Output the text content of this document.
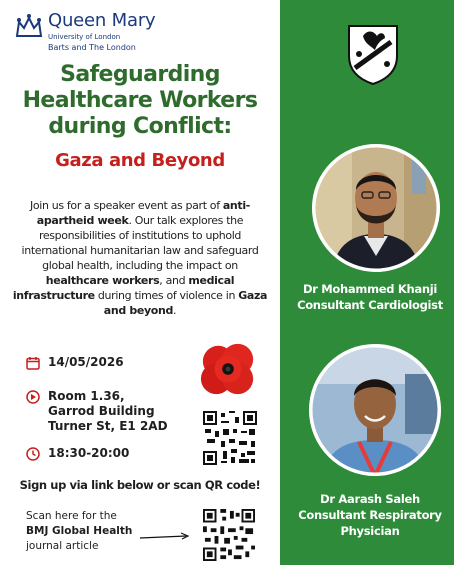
Queen Mary
University of London
Barts and The London
Safeguarding
Healthcare Workers
during Conflict:
Gaza and Beyond
Join us for a speaker event as part of anti-apartheid week. Our talk explores the responsibilities of institutions to uphold international humanitarian law and safeguard global health, including the impact on healthcare workers, and medical infrastructure during times of violence in Gaza and beyond.
14/05/2026
Room 1.36,
Garrod Building
Turner St, E1 2AD
18:30-20:00
Sign up via link below or scan QR code!
Scan here for the
BMJ Global Health
journal article
Dr Mohammed Khanji
Consultant Cardiologist
Dr Aarash Saleh
Consultant Respiratory
Physician
